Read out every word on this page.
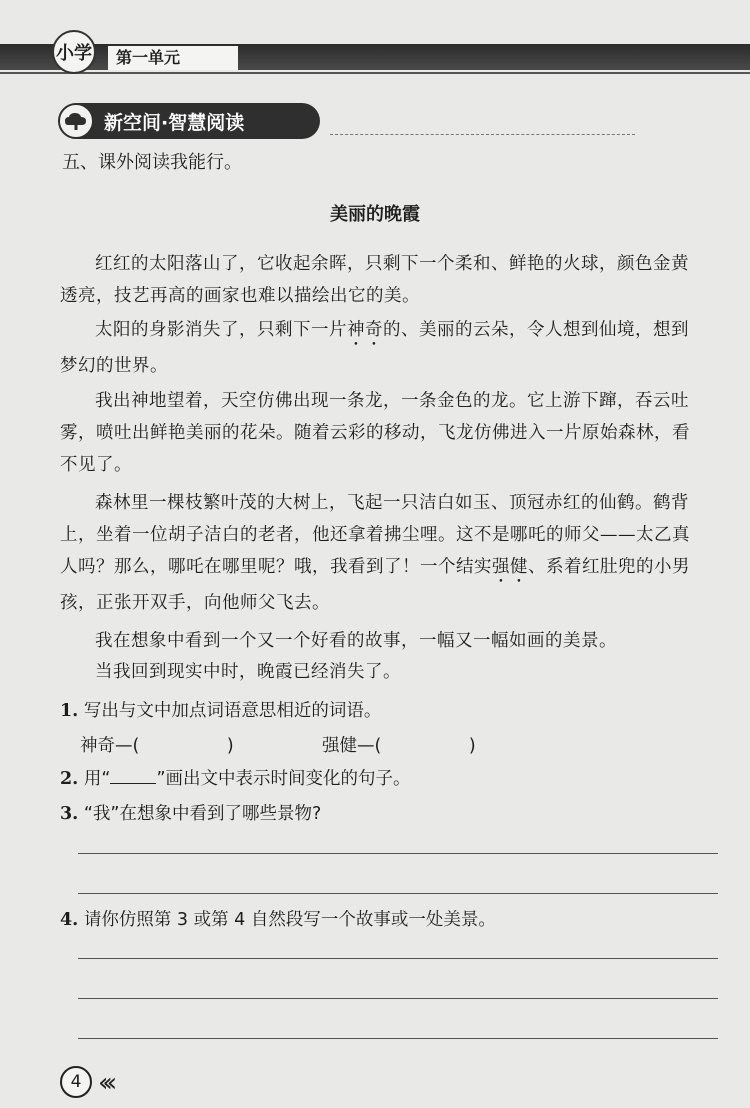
小学	第一单元
新空间·智慧阅读
五、课外阅读我能行。
美丽的晚霞

红红的太阳落山了，它收起余晖，只剩下一个柔和、鲜艳的火球，颜色金黄透亮，技艺再高的画家也难以描绘出它的美。

太阳的身影消失了，只剩下一片神奇的、美丽的云朵，令人想到仙境，想到梦幻的世界。

我出神地望着，天空仿佛出现一条龙，一条金色的龙。它上游下蹿，吞云吐雾，喷吐出鲜艳美丽的花朵。随着云彩的移动，飞龙仿佛进入一片原始森林，看不见了。

森林里一棵枝繁叶茂的大树上，飞起一只洁白如玉、顶冠赤红的仙鹤。鹤背上，坐着一位胡子洁白的老者，他还拿着拂尘哩。这不是哪吒的师父——太乙真人吗？那么，哪吒在哪里呢？哦，我看到了！一个结实强健、系着红肚兜的小男孩，正张开双手，向他师父飞去。

我在想象中看到一个又一个好看的故事，一幅又一幅如画的美景。

当我回到现实中时，晚霞已经消失了。

1. 写出与文中加点词语意思相近的词语。
神奇—(　　　　　)	强健—(　　　　　)
2. 用“	”画出文中表示时间变化的句子。
3. “我”在想象中看到了哪些景物?
4. 请你仿照第 3 或第 4 自然段写一个故事或一处美景。
4 ‹‹‹
